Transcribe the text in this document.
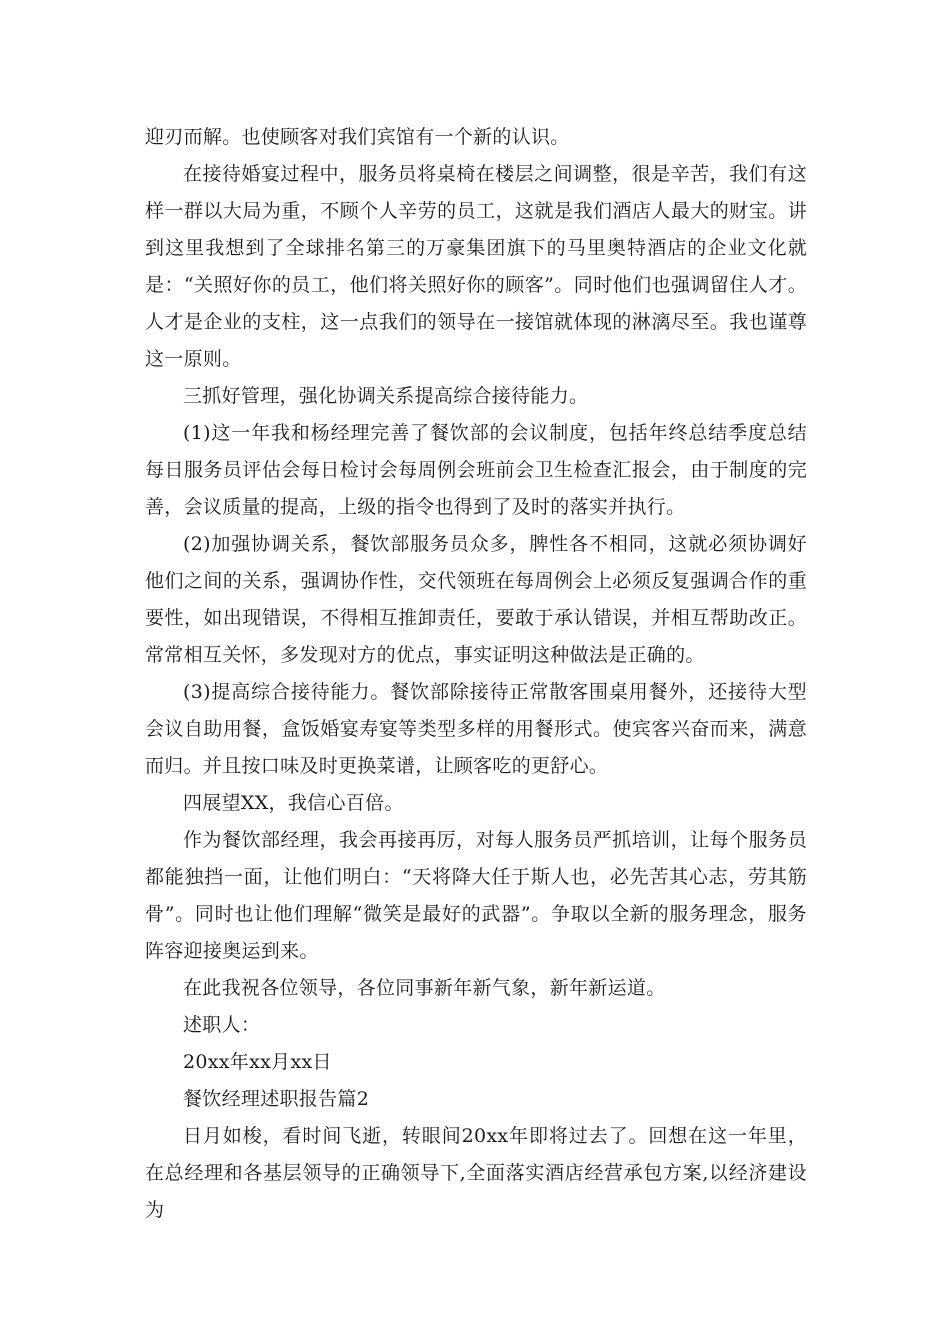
迎刃而解。也使顾客对我们宾馆有一个新的认识。

在接待婚宴过程中，服务员将桌椅在楼层之间调整，很是辛苦，我们有这样一群以大局为重，不顾个人辛劳的员工，这就是我们酒店人最大的财宝。讲到这里我想到了全球排名第三的万豪集团旗下的马里奥特酒店的企业文化就是：“关照好你的员工，他们将关照好你的顾客”。同时他们也强调留住人才。人才是企业的支柱，这一点我们的领导在一接馆就体现的淋漓尽至。我也谨尊这一原则。

三抓好管理，强化协调关系提高综合接待能力。

(1)这一年我和杨经理完善了餐饮部的会议制度，包括年终总结季度总结每日服务员评估会每日检讨会每周例会班前会卫生检查汇报会，由于制度的完善，会议质量的提高，上级的指令也得到了及时的落实并执行。

(2)加强协调关系，餐饮部服务员众多，脾性各不相同，这就必须协调好他们之间的关系，强调协作性，交代领班在每周例会上必须反复强调合作的重要性，如出现错误，不得相互推卸责任，要敢于承认错误，并相互帮助改正。常常相互关怀，多发现对方的优点，事实证明这种做法是正确的。

(3)提高综合接待能力。餐饮部除接待正常散客围桌用餐外，还接待大型会议自助用餐，盒饭婚宴寿宴等类型多样的用餐形式。使宾客兴奋而来，满意而归。并且按口味及时更换菜谱，让顾客吃的更舒心。

四展望XX，我信心百倍。

作为餐饮部经理，我会再接再厉，对每人服务员严抓培训，让每个服务员都能独挡一面，让他们明白：“天将降大任于斯人也，必先苦其心志，劳其筋骨”。同时也让他们理解“微笑是最好的武器”。争取以全新的服务理念，服务阵容迎接奥运到来。

在此我祝各位领导，各位同事新年新气象，新年新运道。

述职人：

20xx年xx月xx日

餐饮经理述职报告篇2

日月如梭，看时间飞逝，转眼间20xx年即将过去了。回想在这一年里，在总经理和各基层领导的正确领导下,全面落实酒店经营承包方案,以经济建设为
